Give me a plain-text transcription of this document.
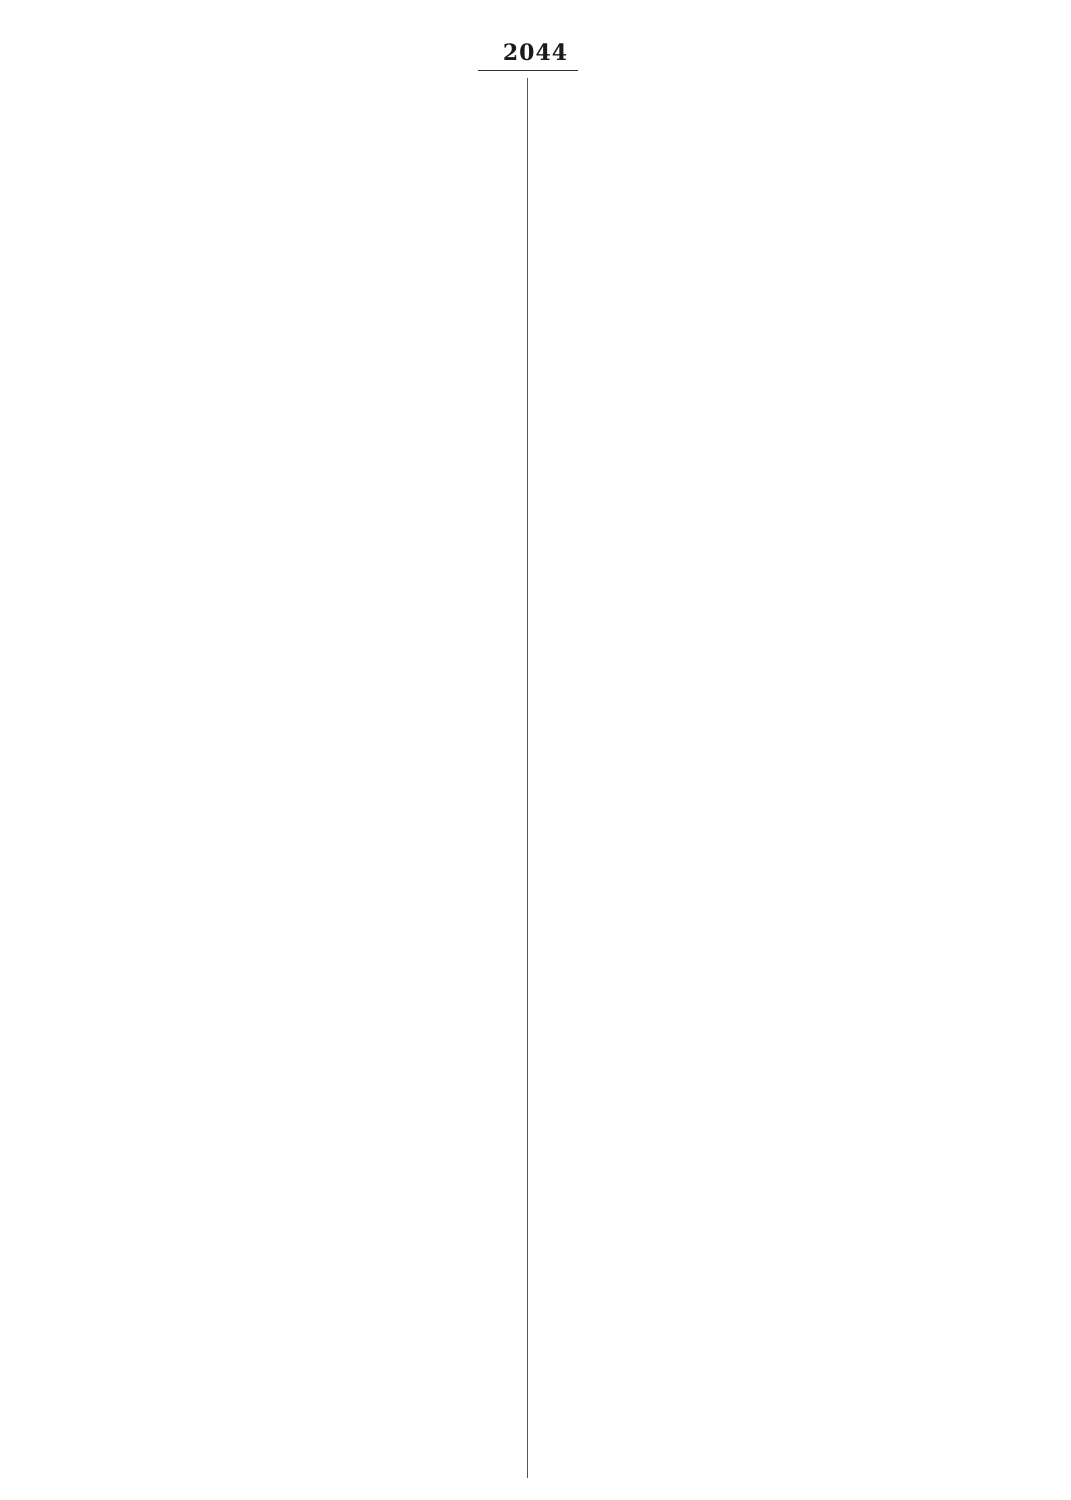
2044
